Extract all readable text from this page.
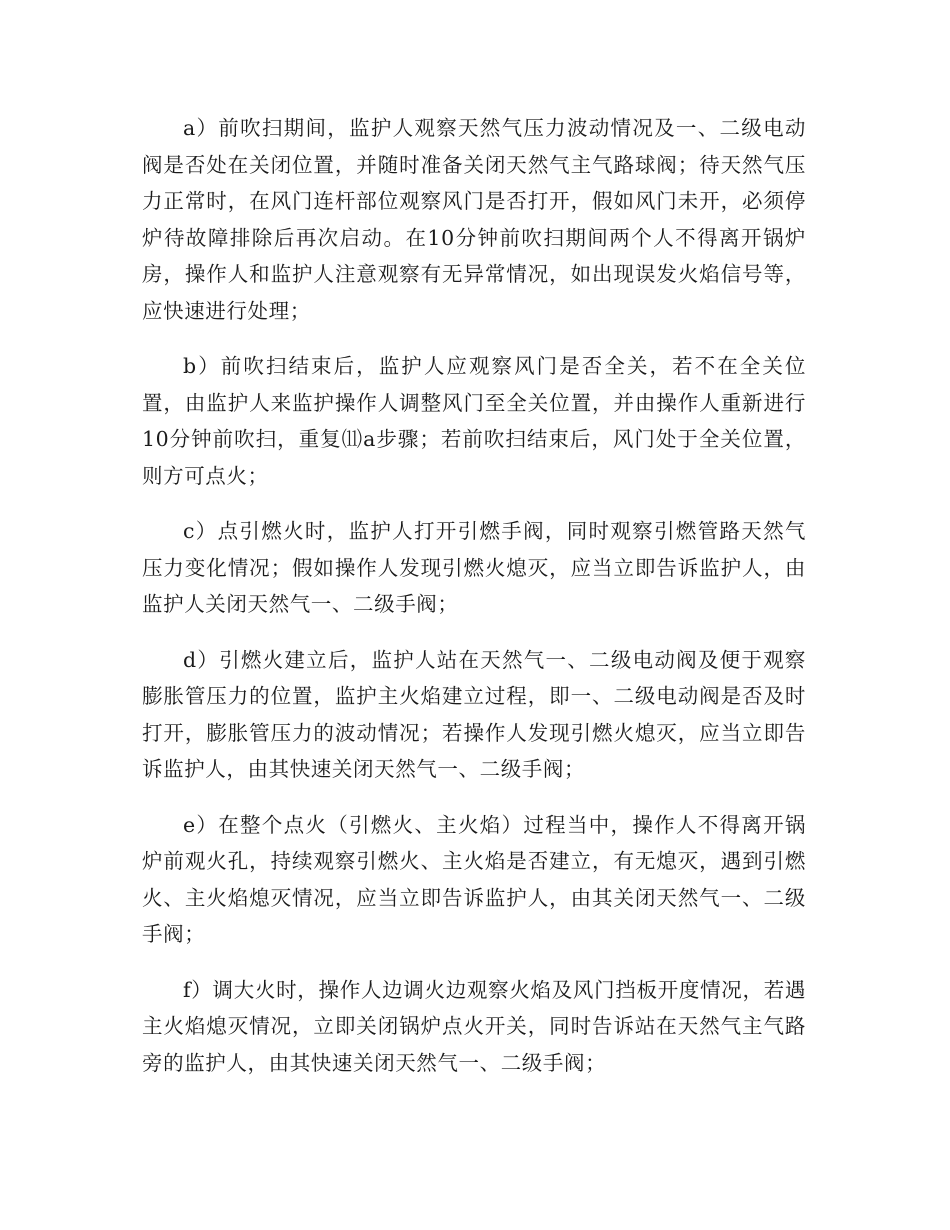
a）前吹扫期间，监护人观察天然气压力波动情况及一、二级电动阀是否处在关闭位置，并随时准备关闭天然气主气路球阀；待天然气压力正常时，在风门连杆部位观察风门是否打开，假如风门未开，必须停炉待故障排除后再次启动。在10分钟前吹扫期间两个人不得离开锅炉房，操作人和监护人注意观察有无异常情况，如出现误发火焰信号等，应快速进行处理；

b）前吹扫结束后，监护人应观察风门是否全关，若不在全关位置，由监护人来监护操作人调整风门至全关位置，并由操作人重新进行10分钟前吹扫，重复⑾a步骤；若前吹扫结束后，风门处于全关位置，则方可点火；

c）点引燃火时，监护人打开引燃手阀，同时观察引燃管路天然气压力变化情况；假如操作人发现引燃火熄灭，应当立即告诉监护人，由监护人关闭天然气一、二级手阀；

d）引燃火建立后，监护人站在天然气一、二级电动阀及便于观察膨胀管压力的位置，监护主火焰建立过程，即一、二级电动阀是否及时打开，膨胀管压力的波动情况；若操作人发现引燃火熄灭，应当立即告诉监护人，由其快速关闭天然气一、二级手阀；

e）在整个点火（引燃火、主火焰）过程当中，操作人不得离开锅炉前观火孔，持续观察引燃火、主火焰是否建立，有无熄灭，遇到引燃火、主火焰熄灭情况，应当立即告诉监护人，由其关闭天然气一、二级手阀；

f）调大火时，操作人边调火边观察火焰及风门挡板开度情况，若遇主火焰熄灭情况，立即关闭锅炉点火开关，同时告诉站在天然气主气路旁的监护人，由其快速关闭天然气一、二级手阀；
